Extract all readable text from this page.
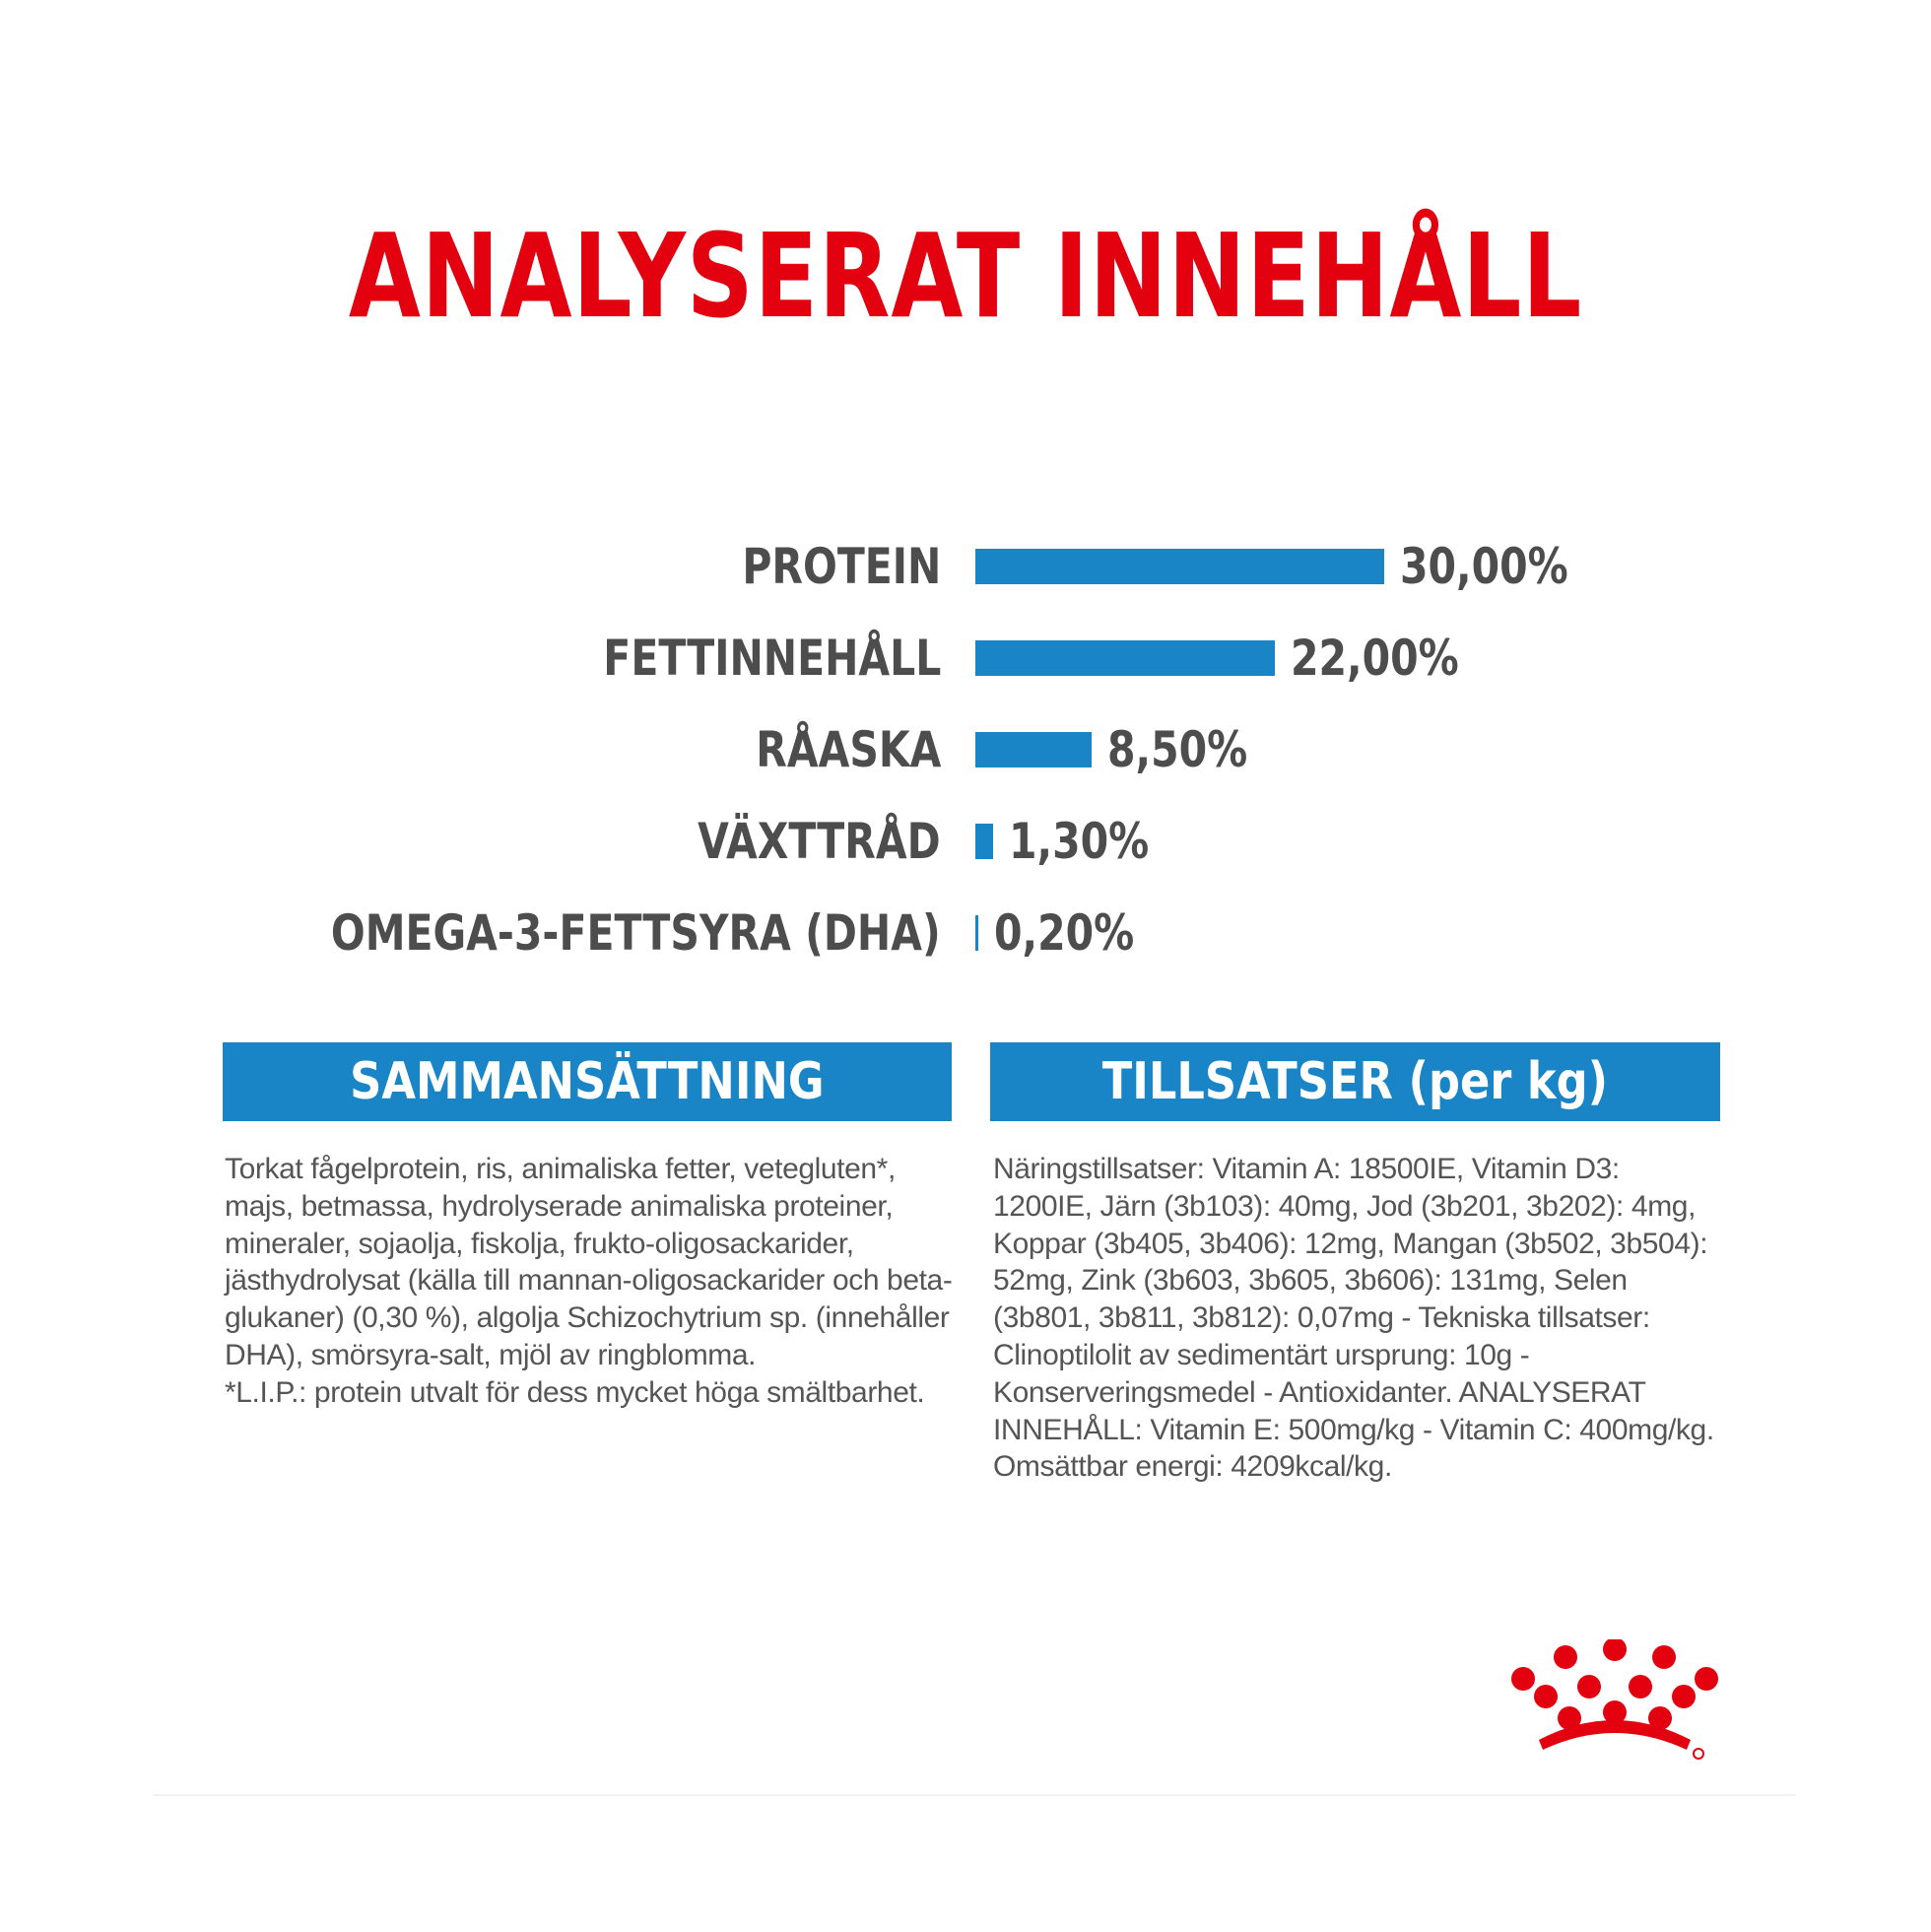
ANALYSERAT INNEHÅLL
PROTEIN	30,00%
FETTINNEHÅLL	22,00%
RÅASKA	8,50%
VÄXTTRÅD 1,30%
OMEGA-3-FETTSYRA (DHA) 0,20%
SAMMANSÄTTNING
Torkat fågelprotein, ris, animaliska fetter, vetegluten*, majs, betmassa, hydrolyserade animaliska proteiner, mineraler, sojaolja, fiskolja, frukto-oligosackarider, jästhydrolysat (källa till mannan-oligosackarider och beta-glukaner) (0,30 %), algolja Schizochytrium sp. (innehåller DHA), smörsyra-salt, mjöl av ringblomma.
*L.I.P.: protein utvalt för dess mycket höga smältbarhet.
TILLSATSER (per kg)
Näringstillsatser: Vitamin A: 18500IE, Vitamin D3: 1200IE, Järn (3b103): 40mg, Jod (3b201, 3b202): 4mg, Koppar (3b405, 3b406): 12mg, Mangan (3b502, 3b504): 52mg, Zink (3b603, 3b605, 3b606): 131mg, Selen (3b801, 3b811, 3b812): 0,07mg - Tekniska tillsatser: Clinoptilolit av sedimentärt ursprung: 10g - Konserveringsmedel - Antioxidanter. ANALYSERAT INNEHÅLL: Vitamin E: 500mg/kg - Vitamin C: 400mg/kg. Omsättbar energi: 4209kcal/kg.
